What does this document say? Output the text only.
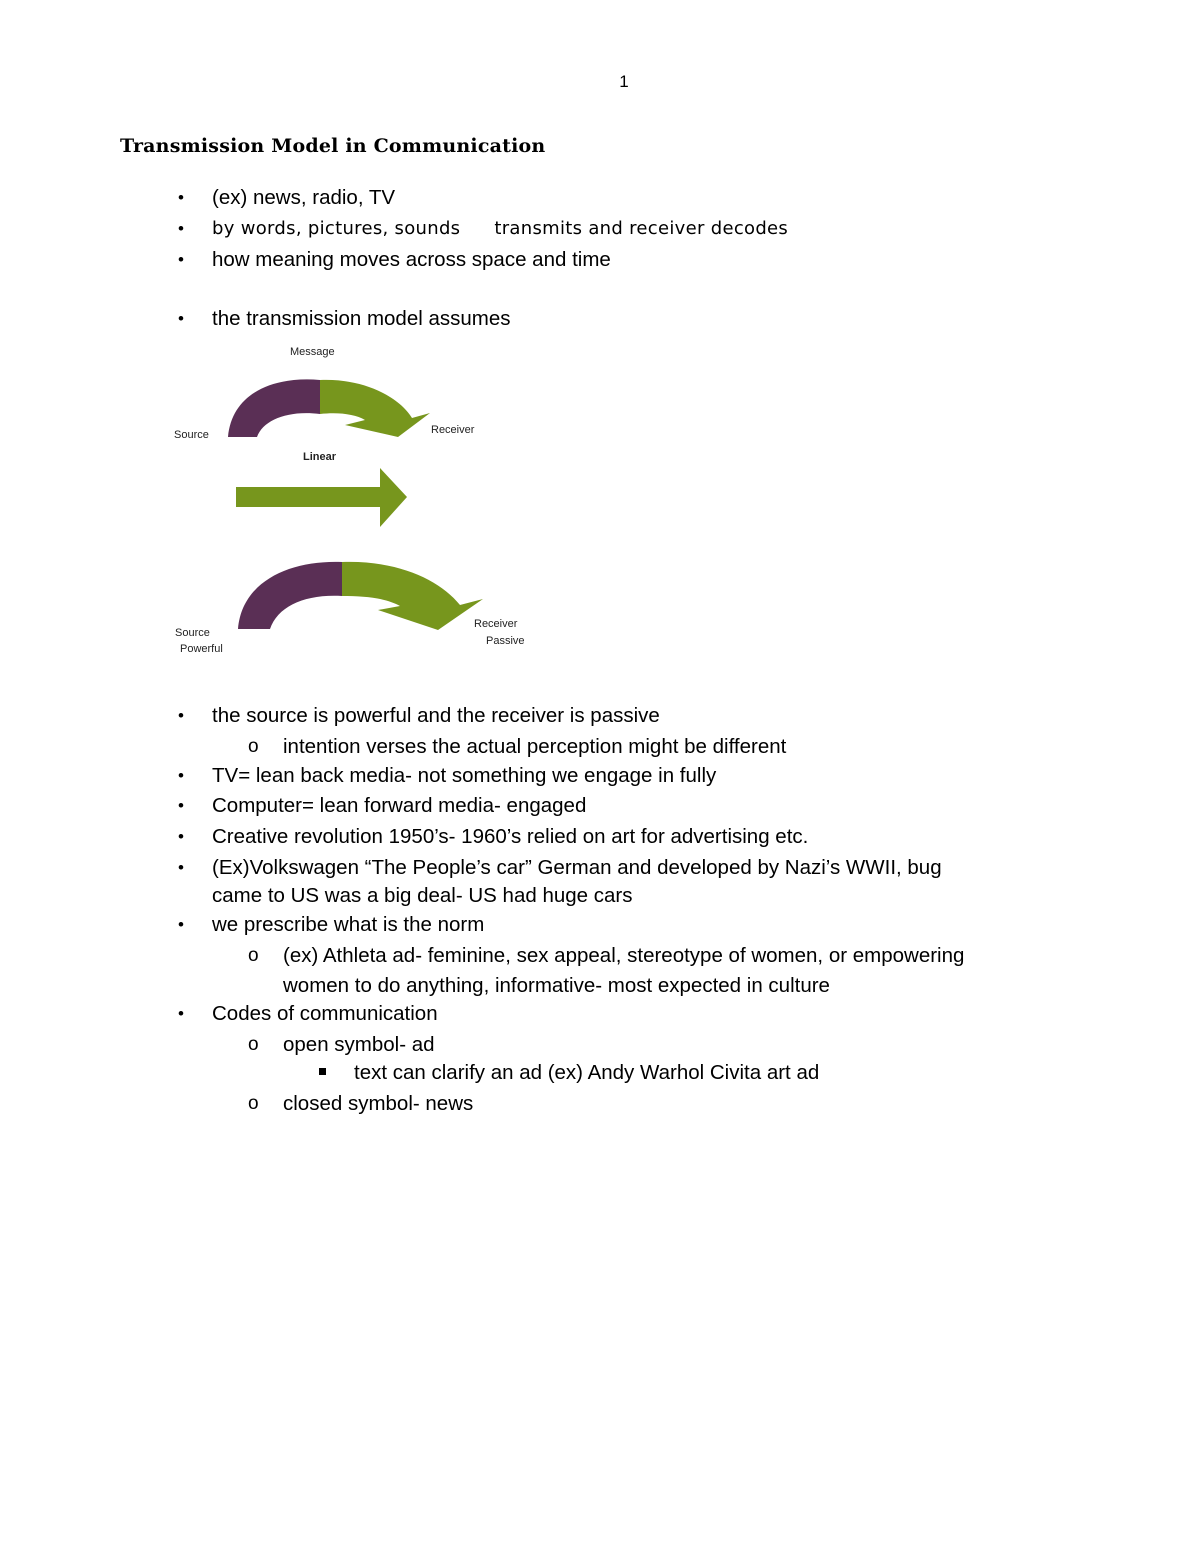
1
Transmission Model in Communication
• (ex) news, radio, TV
• by words, pictures, sounds transmits and receiver decodes
• how meaning moves across space and time
• the transmission model assumes
Message
Source	Receiver
Linear
Source
Powerful
Receiver
Passive
• the source is powerful and the receiver is passive
o intention verses the actual perception might be different
• TV= lean back media- not something we engage in fully
• Computer= lean forward media- engaged
• Creative revolution 1950’s- 1960’s relied on art for advertising etc.
• (Ex)Volkswagen “The People’s car” German and developed by Nazi’s WWII, bug
came to US was a big deal- US had huge cars
• we prescribe what is the norm
o (ex) Athleta ad- feminine, sex appeal, stereotype of women, or empowering
women to do anything, informative- most expected in culture
• Codes of communication
o open symbol- ad
text can clarify an ad (ex) Andy Warhol Civita art ad
o closed symbol- news
